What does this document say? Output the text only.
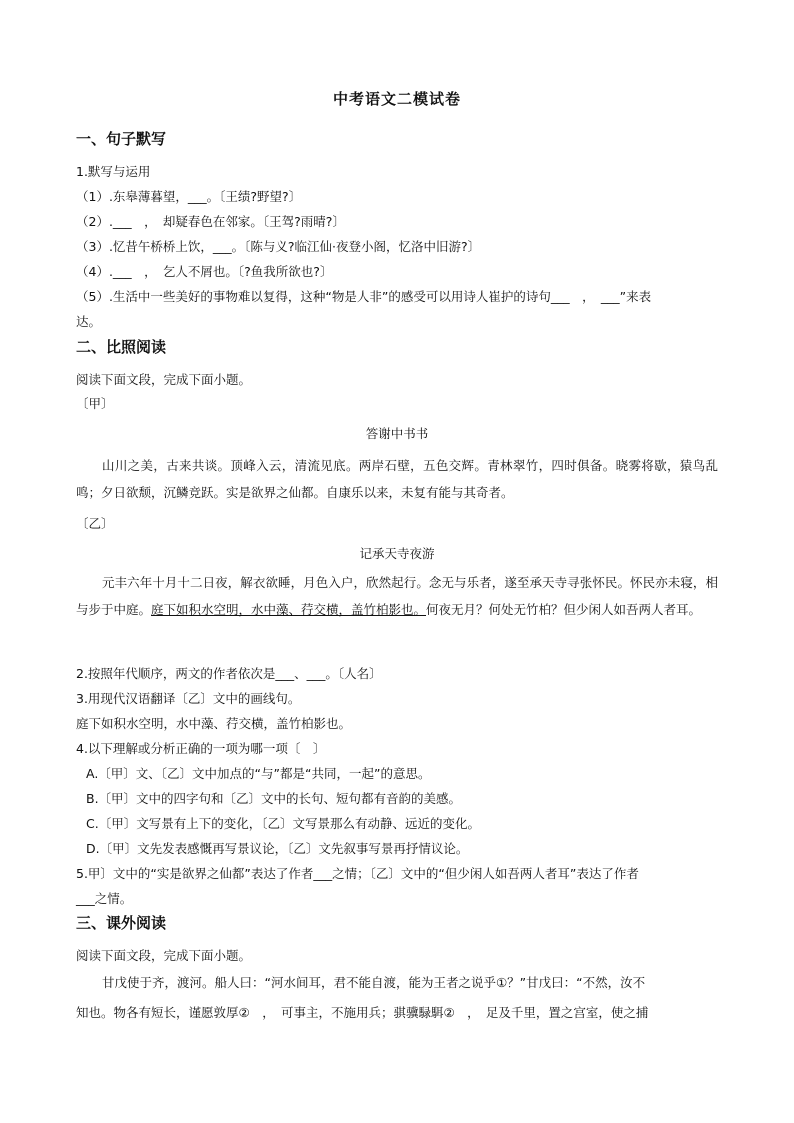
中考语文二模试卷
一、句子默写
1.默写与运用
（1）.东皋薄暮望，___。〔王绩?野望?〕
（2）.___　，　却疑春色在邻家。〔王驾?雨晴?〕
（3）.忆昔午桥桥上饮，___。〔陈与义?临江仙·夜登小阁，忆洛中旧游?〕
（4）.___　，　乞人不屑也。〔?鱼我所欲也?〕
（5）.生活中一些美好的事物难以复得，这种“物是人非”的感受可以用诗人崔护的诗句___　，　___”来表
达。
二、比照阅读
阅读下面文段，完成下面小题。
〔甲〕
答谢中书书
山川之美，古来共谈。顶峰入云，清流见底。两岸石壁，五色交辉。青林翠竹，四时俱备。晓雾将歇，猿鸟乱鸣；夕日欲颓，沉鳞竞跃。实是欲界之仙都。自康乐以来，未复有能与其奇者。
〔乙〕
记承天寺夜游
元丰六年十月十二日夜，解衣欲睡，月色入户，欣然起行。念无与乐者，遂至承天寺寻张怀民。怀民亦未寝，相与步于中庭。庭下如积水空明，水中藻、荇交横，盖竹柏影也。何夜无月？何处无竹柏？但少闲人如吾两人者耳。
2.按照年代顺序，两文的作者依次是___、___。〔人名〕
3.用现代汉语翻译〔乙〕文中的画线句。
庭下如积水空明，水中藻、荇交横，盖竹柏影也。
4.以下理解或分析正确的一项为哪一项〔　〕
A.〔甲〕文、〔乙〕文中加点的“与”都是“共同，一起”的意思。
B.〔甲〕文中的四字句和〔乙〕文中的长句、短句都有音韵的美感。
C.〔甲〕文写景有上下的变化，〔乙〕文写景那么有动静、远近的变化。
D.〔甲〕文先发表感慨再写景议论，〔乙〕文先叙事写景再抒情议论。
5.甲〕文中的“实是欲界之仙都”表达了作者___之情；〔乙〕文中的“但少闲人如吾两人者耳”表达了作者
___之情。
三、课外阅读
阅读下面文段，完成下面小题。
甘戊使于齐，渡河。船人曰：“河水间耳，君不能自渡，能为王者之说乎①？”甘戊曰：“不然，汝不
知也。物各有短长，谨愿敦厚②　，　可事主，不施用兵；骐骥騄駬②　，　足及千里，置之宫室，使之捕
